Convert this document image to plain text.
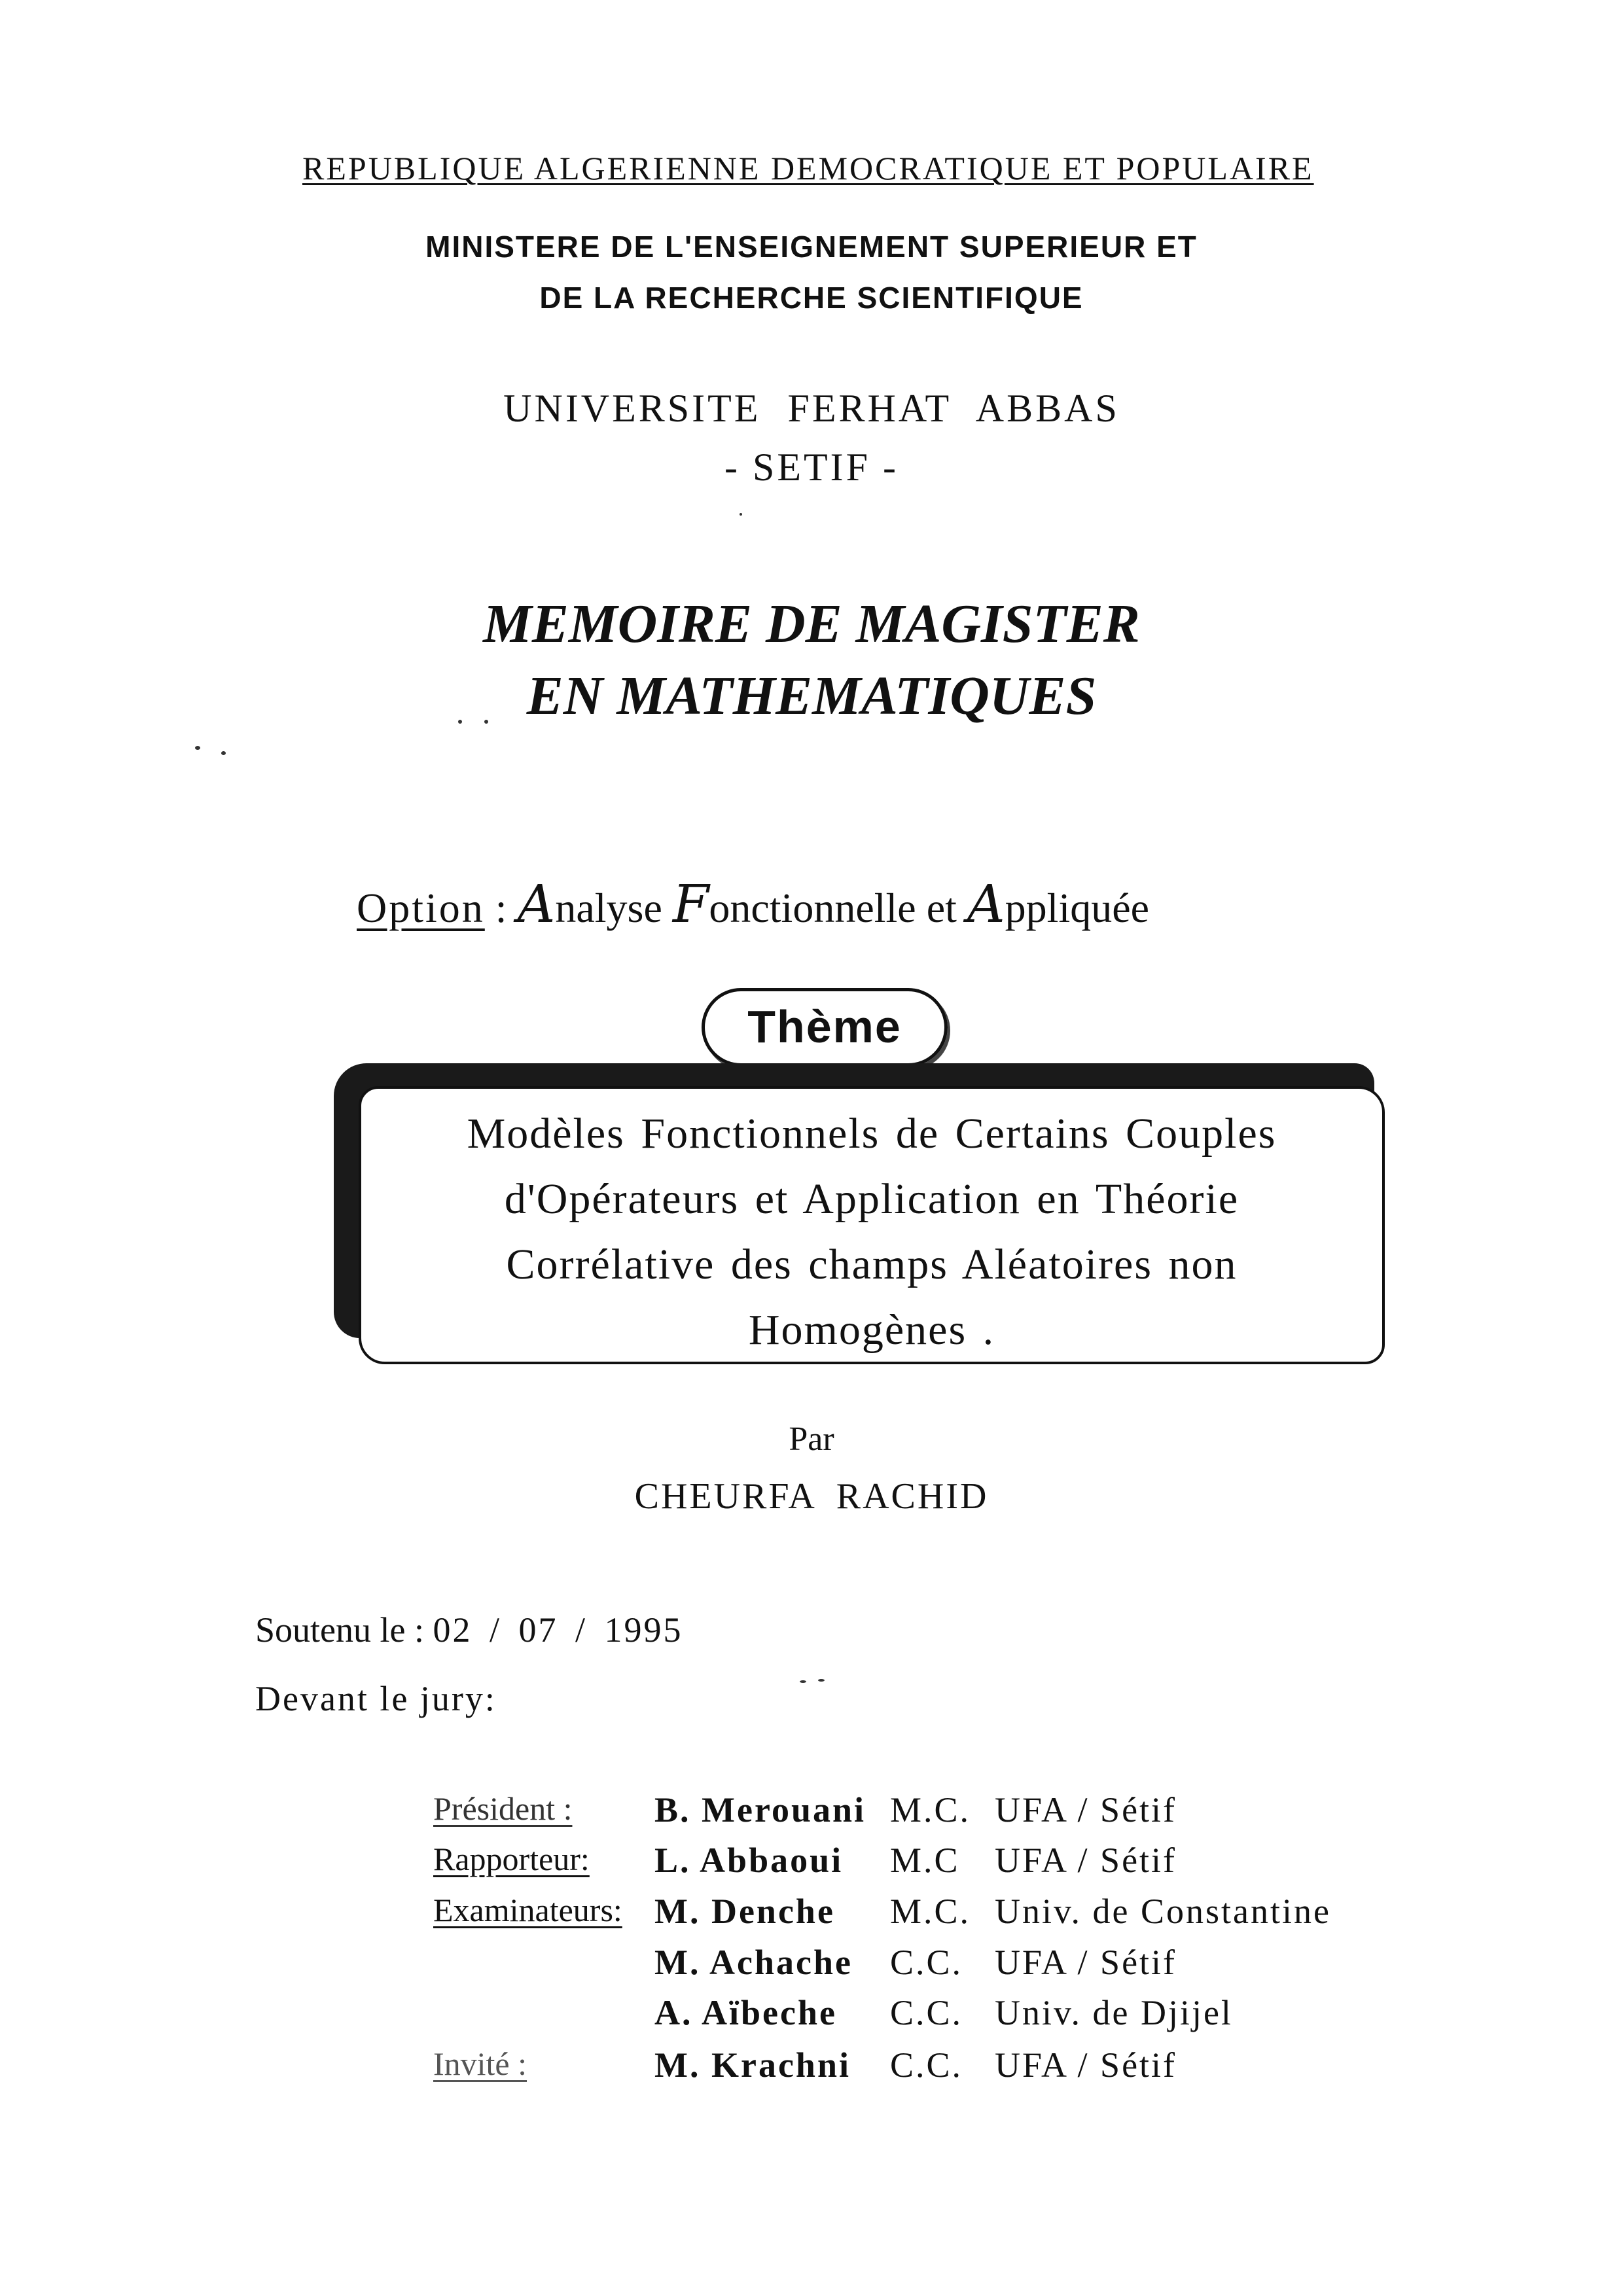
REPUBLIQUE ALGERIENNE DEMOCRATIQUE ET POPULAIRE
MINISTERE DE L'ENSEIGNEMENT SUPERIEUR ET
DE LA RECHERCHE SCIENTIFIQUE
UNIVERSITE FERHAT ABBAS
- SETIF -
MEMOIRE DE MAGISTER
EN MATHEMATIQUES
Option : Analyse Fonctionnelle et Appliquée
Thème
Modèles Fonctionnels de Certains Couples
d'Opérateurs et Application en Théorie
Corrélative des champs Aléatoires non
Homogènes .
Par
CHEURFA RACHID
Soutenu le : 02 / 07 / 1995
Devant le jury:
Président : B. Merouani M.C. UFA / Sétif
Rapporteur: L. Abbaoui M.C UFA / Sétif
Examinateurs: M. Denche M.C. Univ. de Constantine
M. Achache C.C. UFA / Sétif
A. Aïbeche C.C. Univ. de Djijel
Invité :	M. Krachni C.C. UFA / Sétif
